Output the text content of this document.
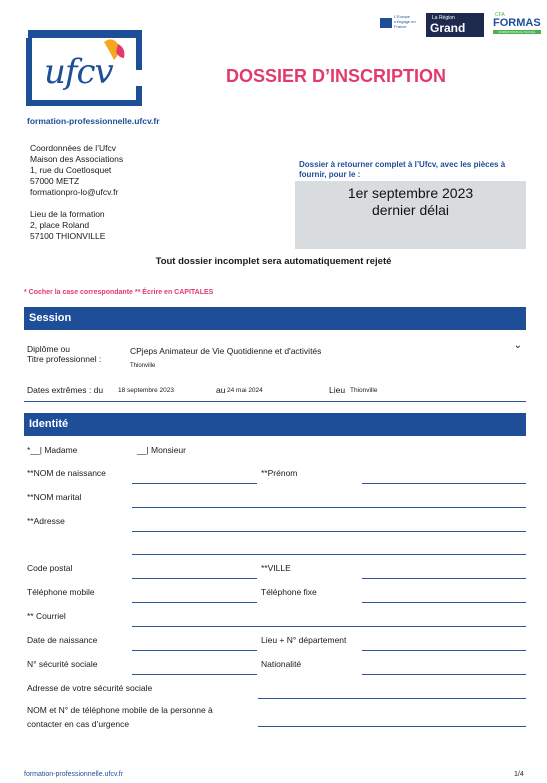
ufcv
L'Europe s'engage en France
La Région
Grand Est
CFA
FORMAS
FORMATIONS DU SOCIAL
DOSSIER D’INSCRIPTION
formation-professionnelle.ufcv.fr
Coordonnées de l’Ufcv
Maison des Associations
1, rue du Coetlosquet
57000 METZ
formationpro-lo@ufcv.fr
Lieu de la formation
2, place Roland
57100 THIONVILLE
Dossier à retourner complet à l’Ufcv, avec les pièces à fournir, pour le :
1er septembre 2023
dernier délai
Tout dossier incomplet sera automatiquement rejeté
* Cocher la case correspondante ** Écrire en CAPITALES
Session
Diplôme ou
Titre professionnel :
CPjeps Animateur de Vie Quotidienne et d'activités	⌄
Thionville
Dates extrêmes : du 18 septembre 2023	au 24 mai 2024	Lieu Thionville
Identité
*__| Madame	__| Monsieur
**NOM de naissance	**Prénom
**NOM marital
**Adresse
Code postal	**VILLE
Téléphone mobile	Téléphone fixe
** Courriel
Date de naissance	Lieu + N° département
N° sécurité sociale	Nationalité
Adresse de votre sécurité sociale
NOM et N° de téléphone mobile de la personne à
contacter en cas d’urgence
formation-professionnelle.ufcv.fr	1/4
